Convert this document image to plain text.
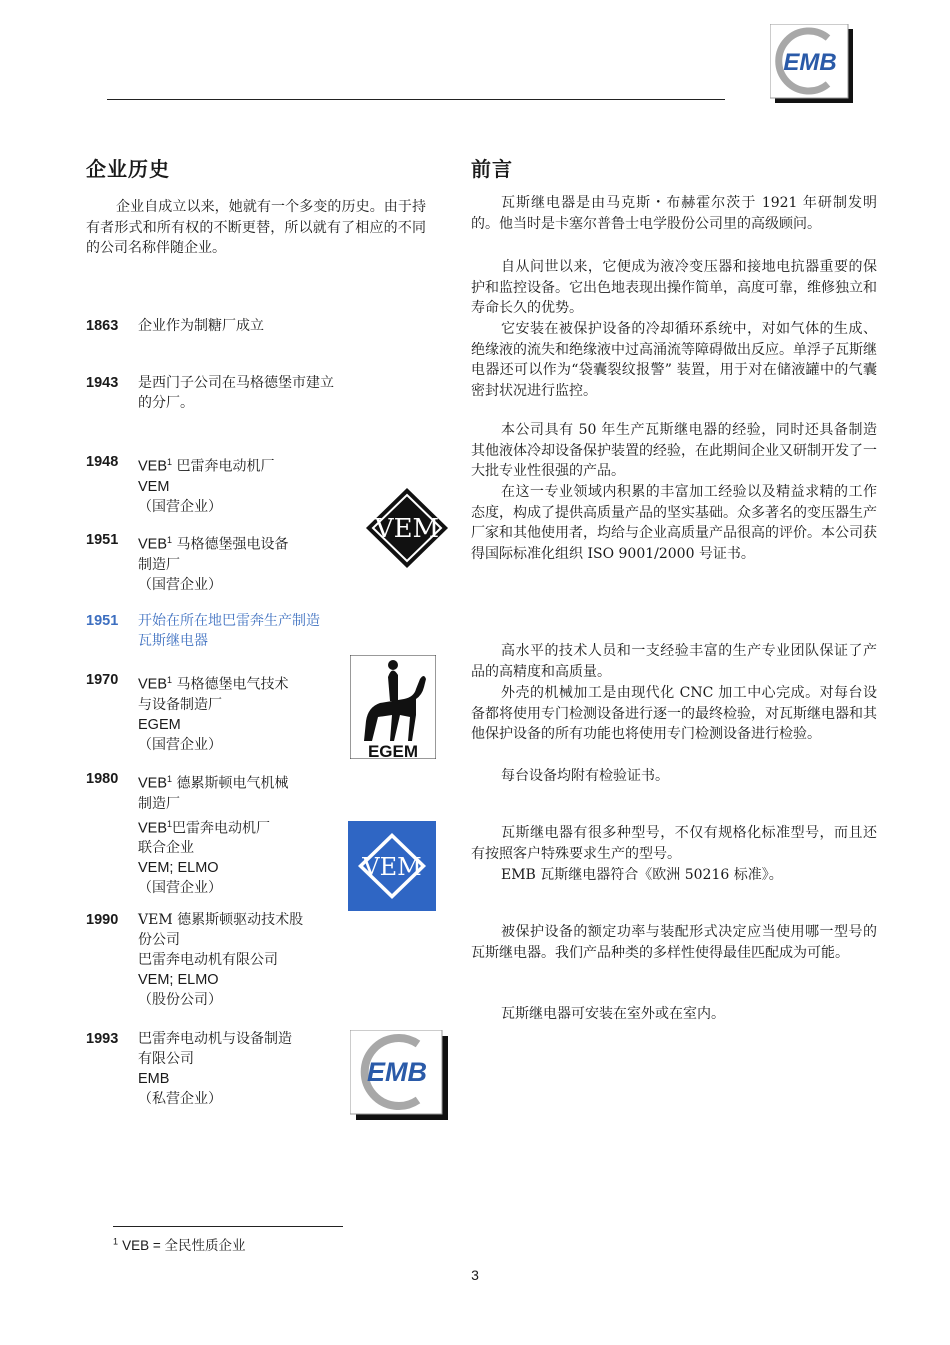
EMB
企业历史

企业自成立以来，她就有一个多变的历史。由于持有者形式和所有权的不断更替，所以就有了相应的不同的公司名称伴随企业。

1863	企业作为制糖厂成立
1943	是西门子公司在马格德堡市建立
的分厂。
1948	VEB$^1$ 巴雷奔电动机厂
VEM
（国营企业）
1951	VEB$^1$ 马格德堡强电设备
制造厂
（国营企业）
1951	开始在所在地巴雷奔生产制造
瓦斯继电器
1970	VEB$^1$ 马格德堡电气技术
与设备制造厂
EGEM
（国营企业）
1980	VEB$^1$ 德累斯顿电气机械
制造厂
VEB$^1$巴雷奔电动机厂
联合企业
VEM; ELMO
（国营企业）
1990	VEM 德累斯顿驱动技术股
份公司
巴雷奔电动机有限公司
VEM; ELMO
（股份公司）
1993	巴雷奔电动机与设备制造
有限公司
EMB
（私营企业）
VEM
EGEM
VEM
EMB
前言

瓦斯继电器是由马克斯・布赫霍尔茨于 1921 年研制发明的。他当时是卡塞尔普鲁士电学股份公司里的高级顾问。

自从问世以来，它便成为液冷变压器和接地电抗器重要的保护和监控设备。它出色地表现出操作简单，高度可靠，维修独立和寿命长久的优势。

它安装在被保护设备的冷却循环系统中，对如气体的生成、绝缘液的流失和绝缘液中过高涌流等障碍做出反应。单浮子瓦斯继电器还可以作为“袋囊裂纹报警” 装置，用于对在储液罐中的气囊密封状况进行监控。

本公司具有 50 年生产瓦斯继电器的经验，同时还具备制造其他液体冷却设备保护装置的经验，在此期间企业又研制开发了一大批专业性很强的产品。

在这一专业领域内积累的丰富加工经验以及精益求精的工作态度，构成了提供高质量产品的坚实基础。众多著名的变压器生产厂家和其他使用者，均给与企业高质量产品很高的评价。本公司获得国际标准化组织 ISO 9001/2000 号证书。

高水平的技术人员和一支经验丰富的生产专业团队保证了产品的高精度和高质量。

外壳的机械加工是由现代化 CNC 加工中心完成。对每台设备都将使用专门检测设备进行逐一的最终检验，对瓦斯继电器和其他保护设备的所有功能也将使用专门检测设备进行检验。

每台设备均附有检验证书。

瓦斯继电器有很多种型号，不仅有规格化标准型号，而且还有按照客户特殊要求生产的型号。

EMB 瓦斯继电器符合《欧洲 50216 标准》。

被保护设备的额定功率与装配形式决定应当使用哪一型号的瓦斯继电器。我们产品种类的多样性使得最佳匹配成为可能。

瓦斯继电器可安装在室外或在室内。

$^1$ VEB = 全民性质企业
3
